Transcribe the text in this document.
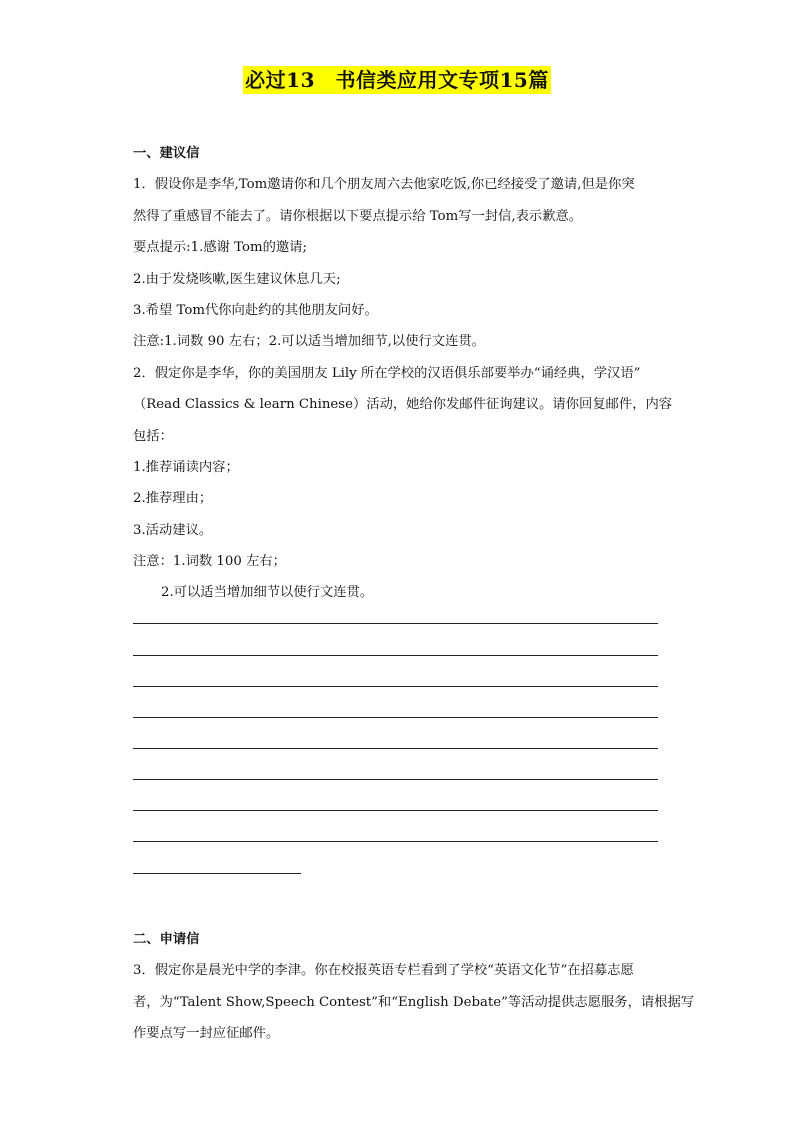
必过13　书信类应用文专项15篇
一、建议信
1．假设你是李华,Tom邀请你和几个朋友周六去他家吃饭,你已经接受了邀请,但是你突
然得了重感冒不能去了。请你根据以下要点提示给 Tom写一封信,表示歉意。
要点提示:1.感谢 Tom的邀请;
2.由于发烧咳嗽,医生建议休息几天;
3.希望 Tom代你向赴约的其他朋友问好。
注意:1.词数 90 左右；2.可以适当增加细节,以使行文连贯。
2．假定你是李华，你的美国朋友 Lily 所在学校的汉语俱乐部要举办“诵经典，学汉语”
（Read Classics & learn Chinese）活动，她给你发邮件征询建议。请你回复邮件，内容
包括：
1.推荐诵读内容；
2.推荐理由；
3.活动建议。
注意：1.词数 100 左右；
2.可以适当增加细节以使行文连贯。
二、申请信
3．假定你是晨光中学的李津。你在校报英语专栏看到了学校“英语文化节”在招募志愿
者，为“Talent Show,Speech Contest”和“English Debate”等活动提供志愿服务，请根据写
作要点写一封应征邮件。
